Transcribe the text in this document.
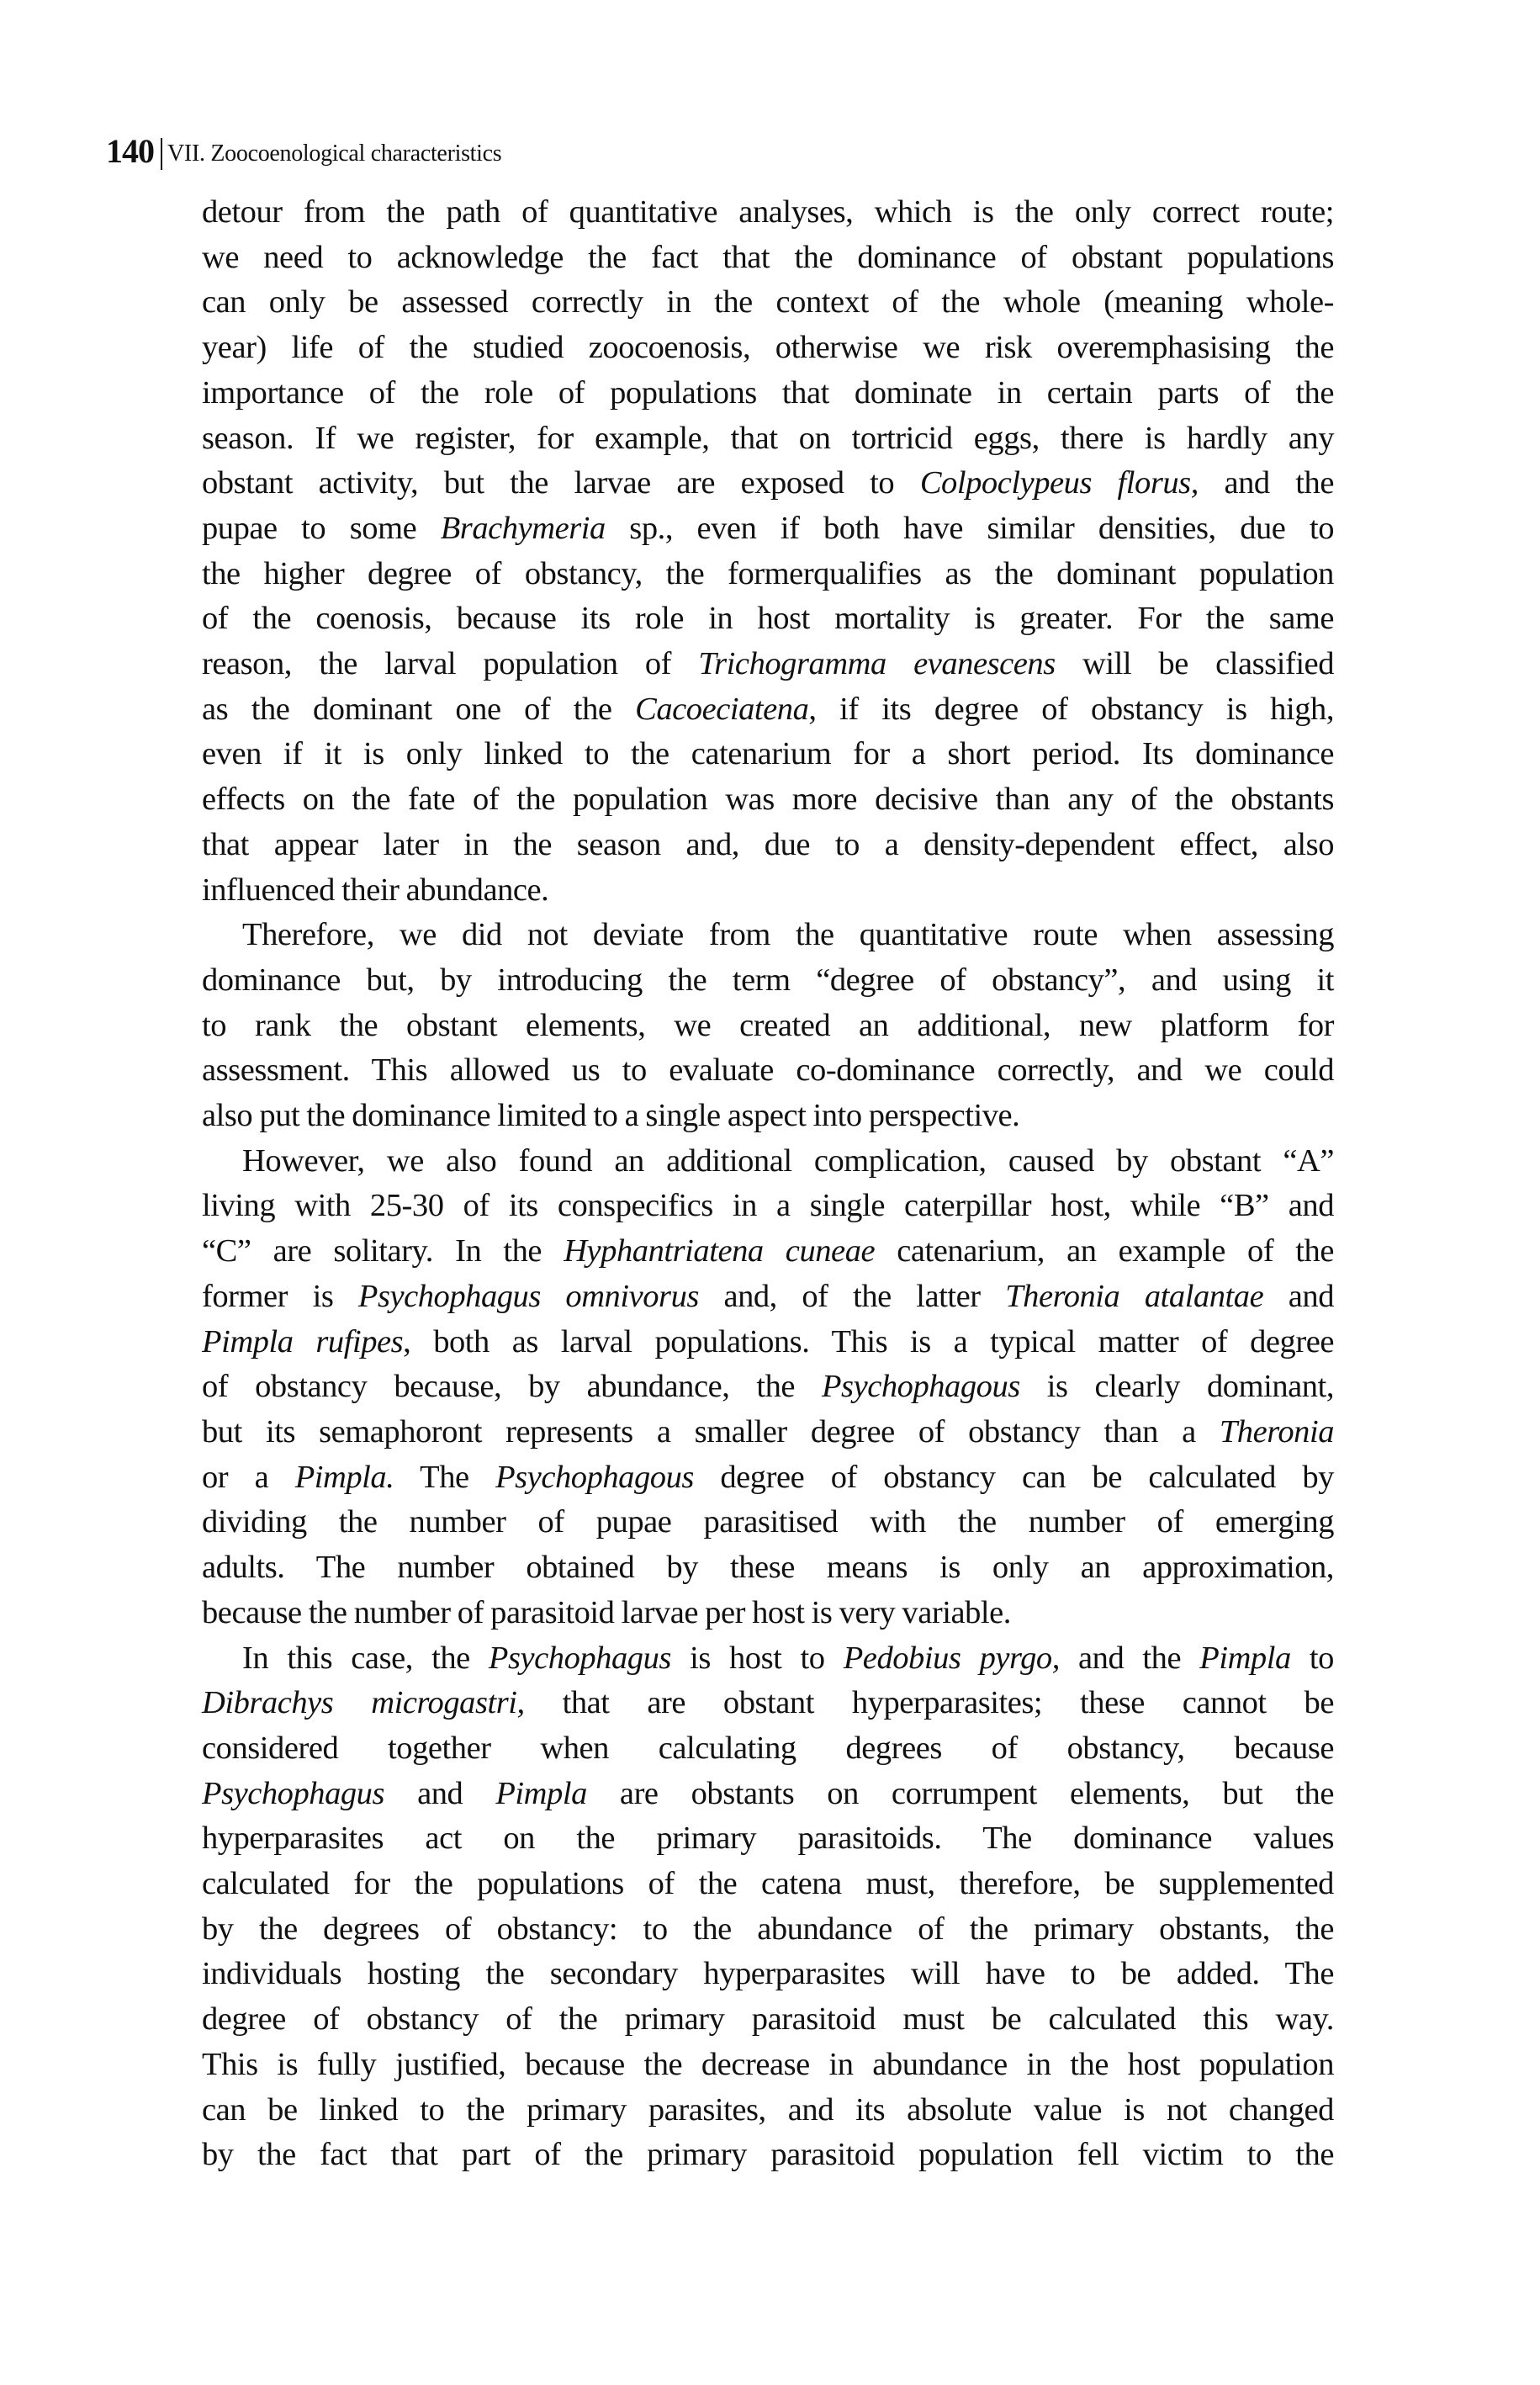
140 VII. Zoocoenological characteristics

detour from the path of quantitative analyses, which is the only correct route;
we need to acknowledge the fact that the dominance of obstant populations
can only be assessed correctly in the context of the whole (meaning whole-
year) life of the studied zoocoenosis, otherwise we risk overemphasising the
importance of the role of populations that dominate in certain parts of the
season. If we register, for example, that on tortricid eggs, there is hardly any
obstant activity, but the larvae are exposed to Colpoclypeus florus, and the
pupae to some Brachymeria sp., even if both have similar densities, due to
the higher degree of obstancy, the formerqualifies as the dominant population
of the coenosis, because its role in host mortality is greater. For the same
reason, the larval population of Trichogramma evanescens will be classified
as the dominant one of the Cacoeciatena, if its degree of obstancy is high,
even if it is only linked to the catenarium for a short period. Its dominance
effects on the fate of the population was more decisive than any of the obstants
that appear later in the season and, due to a density-dependent effect, also
influenced their abundance.

Therefore, we did not deviate from the quantitative route when assessing
dominance but, by introducing the term “degree of obstancy”, and using it
to rank the obstant elements, we created an additional, new platform for
assessment. This allowed us to evaluate co-dominance correctly, and we could
also put the dominance limited to a single aspect into perspective.

However, we also found an additional complication, caused by obstant “A”
living with 25-30 of its conspecifics in a single caterpillar host, while “B” and
“C” are solitary. In the Hyphantriatena cuneae catenarium, an example of the
former is Psychophagus omnivorus and, of the latter Theronia atalantae and
Pimpla rufipes, both as larval populations. This is a typical matter of degree
of obstancy because, by abundance, the Psychophagous is clearly dominant,
but its semaphoront represents a smaller degree of obstancy than a Theronia
or a Pimpla. The Psychophagous degree of obstancy can be calculated by
dividing the number of pupae parasitised with the number of emerging
adults. The number obtained by these means is only an approximation,
because the number of parasitoid larvae per host is very variable.

In this case, the Psychophagus is host to Pedobius pyrgo, and the Pimpla to
Dibrachys microgastri, that are obstant hyperparasites; these cannot be
considered together when calculating degrees of obstancy, because
Psychophagus and Pimpla are obstants on corrumpent elements, but the
hyperparasites act on the primary parasitoids. The dominance values
calculated for the populations of the catena must, therefore, be supplemented
by the degrees of obstancy: to the abundance of the primary obstants, the
individuals hosting the secondary hyperparasites will have to be added. The
degree of obstancy of the primary parasitoid must be calculated this way.
This is fully justified, because the decrease in abundance in the host population
can be linked to the primary parasites, and its absolute value is not changed
by the fact that part of the primary parasitoid population fell victim to the
